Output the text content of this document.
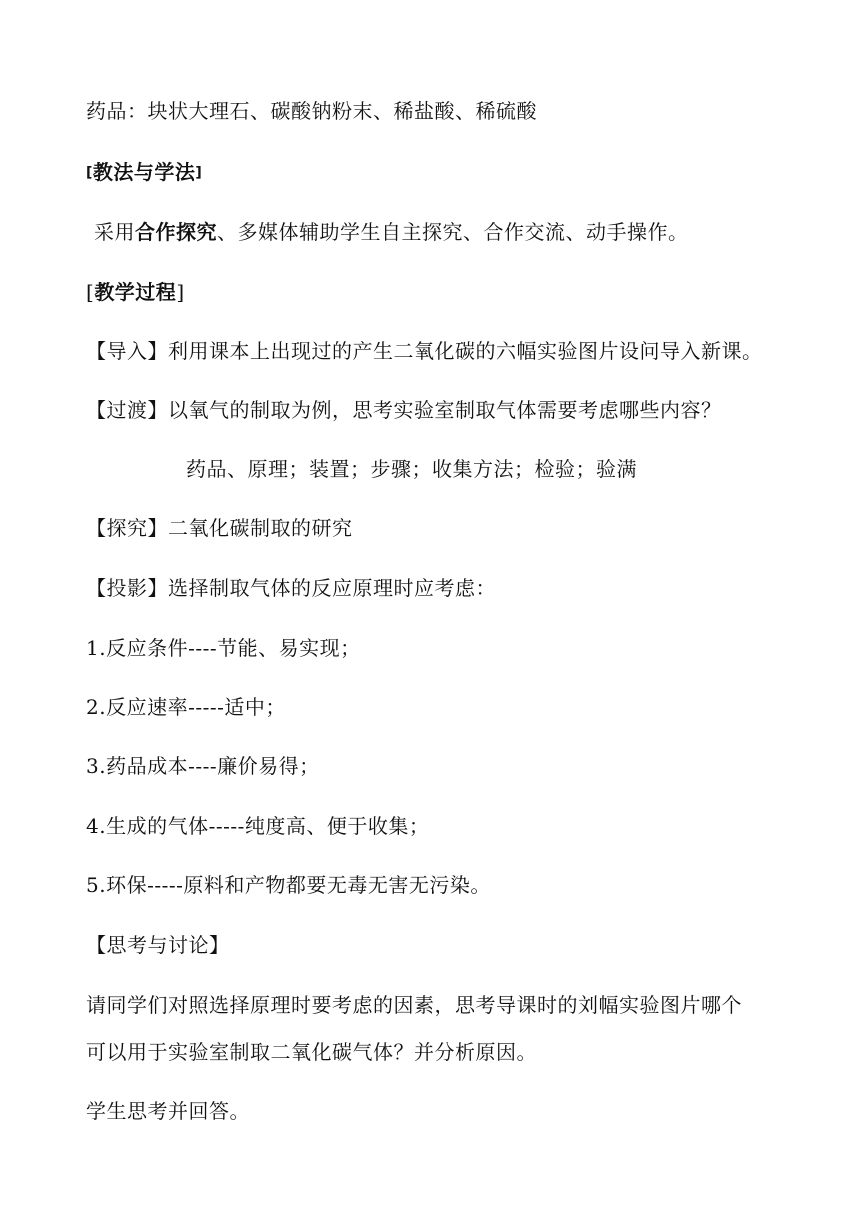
药品：块状大理石、碳酸钠粉末、稀盐酸、稀硫酸
[教法与学法]
采用合作探究、多媒体辅助学生自主探究、合作交流、动手操作。
[教学过程]
【导入】利用课本上出现过的产生二氧化碳的六幅实验图片设问导入新课。
【过渡】以氧气的制取为例，思考实验室制取气体需要考虑哪些内容？
药品、原理；装置；步骤；收集方法；检验；验满
【探究】二氧化碳制取的研究
【投影】选择制取气体的反应原理时应考虑：
1.反应条件----节能、易实现；
2.反应速率-----适中；
3.药品成本----廉价易得；
4.生成的气体-----纯度高、便于收集；
5.环保-----原料和产物都要无毒无害无污染。
【思考与讨论】
请同学们对照选择原理时要考虑的因素，思考导课时的刘幅实验图片哪个
可以用于实验室制取二氧化碳气体？并分析原因。
学生思考并回答。
